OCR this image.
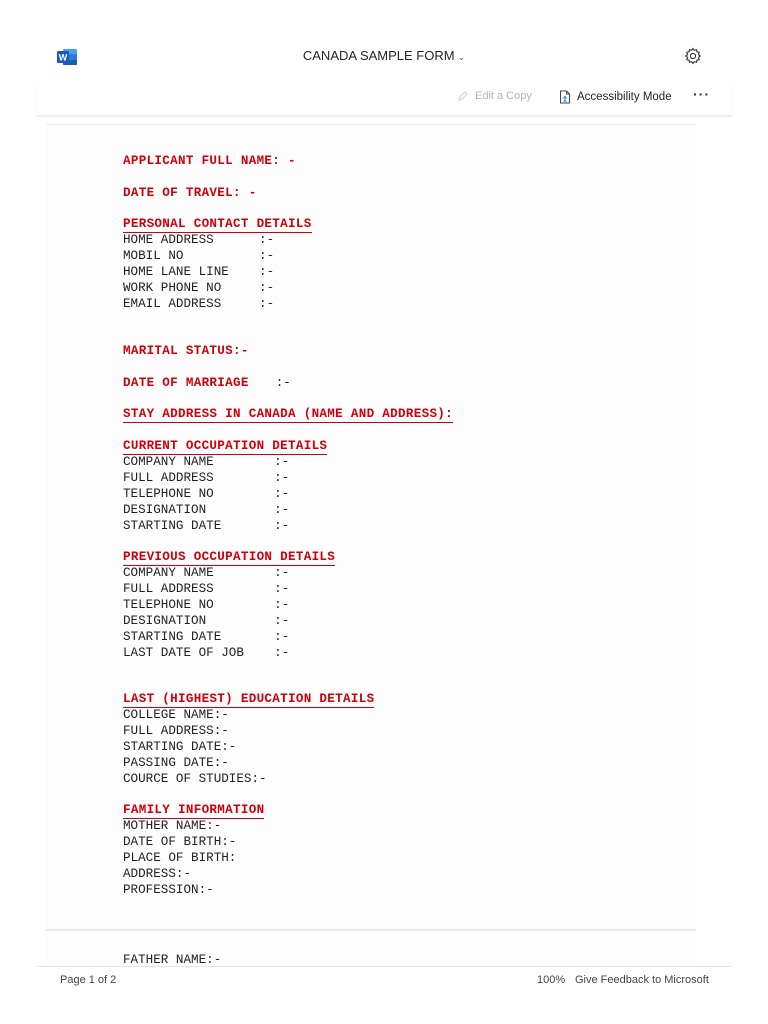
W	CANADA SAMPLE FORM ⌄
Edit a Copy	Accessibility Mode ···
APPLICANT FULL NAME: -
DATE OF TRAVEL: -
PERSONAL CONTACT DETAILS
HOME ADDRESS      :-
MOBIL NO          :-
HOME LANE LINE    :-
WORK PHONE NO     :-
EMAIL ADDRESS     :-
MARITAL STATUS:-
DATE OF MARRIAGE :-
STAY ADDRESS IN CANADA (NAME AND ADDRESS):
CURRENT OCCUPATION DETAILS
COMPANY NAME        :-
FULL ADDRESS        :-
TELEPHONE NO        :-
DESIGNATION         :-
STARTING DATE       :-
PREVIOUS OCCUPATION DETAILS
COMPANY NAME        :-
FULL ADDRESS        :-
TELEPHONE NO        :-
DESIGNATION         :-
STARTING DATE       :-
LAST DATE OF JOB    :-
LAST (HIGHEST) EDUCATION DETAILS
COLLEGE NAME:-
FULL ADDRESS:-
STARTING DATE:-
PASSING DATE:-
COURCE OF STUDIES:-
FAMILY INFORMATION
MOTHER NAME:-
DATE OF BIRTH:-
PLACE OF BIRTH:
ADDRESS:-
PROFESSION:-
FATHER NAME:-
Page 1 of 2	100% Give Feedback to Microsoft
